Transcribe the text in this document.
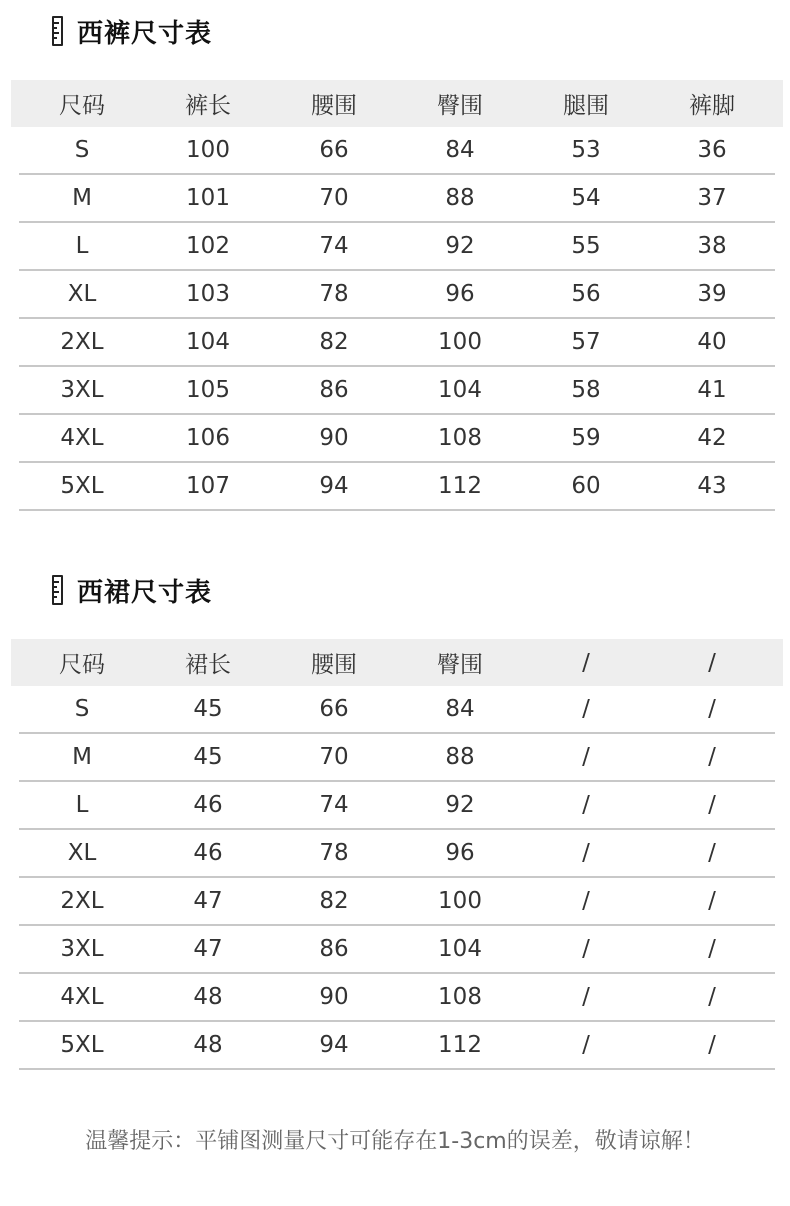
西裤尺寸表
	尺码	裤长	腰围	臀围	腿围	裤脚	
	S	100	66	84	53	36	
	M	101	70	88	54	37	
	L	102	74	92	55	38	
	XL	103	78	96	56	39	
	2XL	104	82	100	57	40	
	3XL	105	86	104	58	41	
	4XL	106	90	108	59	42	
	5XL	107	94	112	60	43	
西裙尺寸表
	尺码	裙长	腰围	臀围	/	/	
	S	45	66	84	/	/	
	M	45	70	88	/	/	
	L	46	74	92	/	/	
	XL	46	78	96	/	/	
	2XL	47	82	100	/	/	
	3XL	47	86	104	/	/	
	4XL	48	90	108	/	/	
	5XL	48	94	112	/	/	
温馨提示：平铺图测量尺寸可能存在1-3cm的误差，敬请谅解！
